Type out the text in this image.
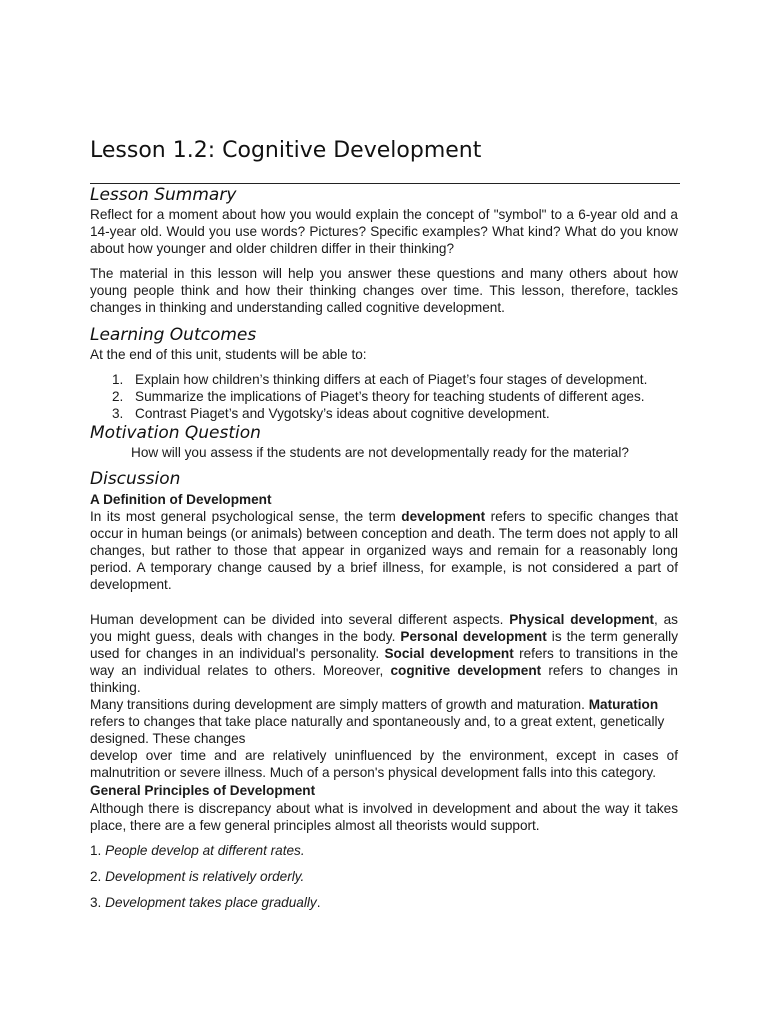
Lesson 1.2: Cognitive Development
Lesson Summary

Reflect for a moment about how you would explain the concept of "symbol" to a 6-year old and a 14-year old. Would you use words? Pictures? Specific examples? What kind? What do you know about how younger and older children differ in their thinking?

The material in this lesson will help you answer these questions and many others about how young people think and how their thinking changes over time. This lesson, therefore, tackles changes in thinking and understanding called cognitive development.

Learning Outcomes

At the end of this unit, students will be able to:

1. Explain how children’s thinking differs at each of Piaget’s four stages of development.
2. Summarize the implications of Piaget’s theory for teaching students of different ages.
3. Contrast Piaget’s and Vygotsky’s ideas about cognitive development.
Motivation Question

How will you assess if the students are not developmentally ready for the material?

Discussion
A Definition of Development

In its most general psychological sense, the term development refers to specific changes that occur in human beings (or animals) between conception and death. The term does not apply to all changes, but rather to those that appear in organized ways and remain for a reasonably long period. A temporary change caused by a brief illness, for example, is not considered a part of development.

Human development can be divided into several different aspects. Physical development, as you might guess, deals with changes in the body. Personal development is the term generally used for changes in an individual's personality. Social development refers to transitions in the way an individual relates to others. Moreover, cognitive development refers to changes in thinking.

Many transitions during development are simply matters of growth and maturation. Maturation refers to changes that take place naturally and spontaneously and, to a great extent, genetically designed. These changes

develop over time and are relatively uninfluenced by the environment, except in cases of malnutrition or severe illness. Much of a person's physical development falls into this category.

General Principles of Development

Although there is discrepancy about what is involved in development and about the way it takes place, there are a few general principles almost all theorists would support.

1. People develop at different rates.

2. Development is relatively orderly.

3. Development takes place gradually.
